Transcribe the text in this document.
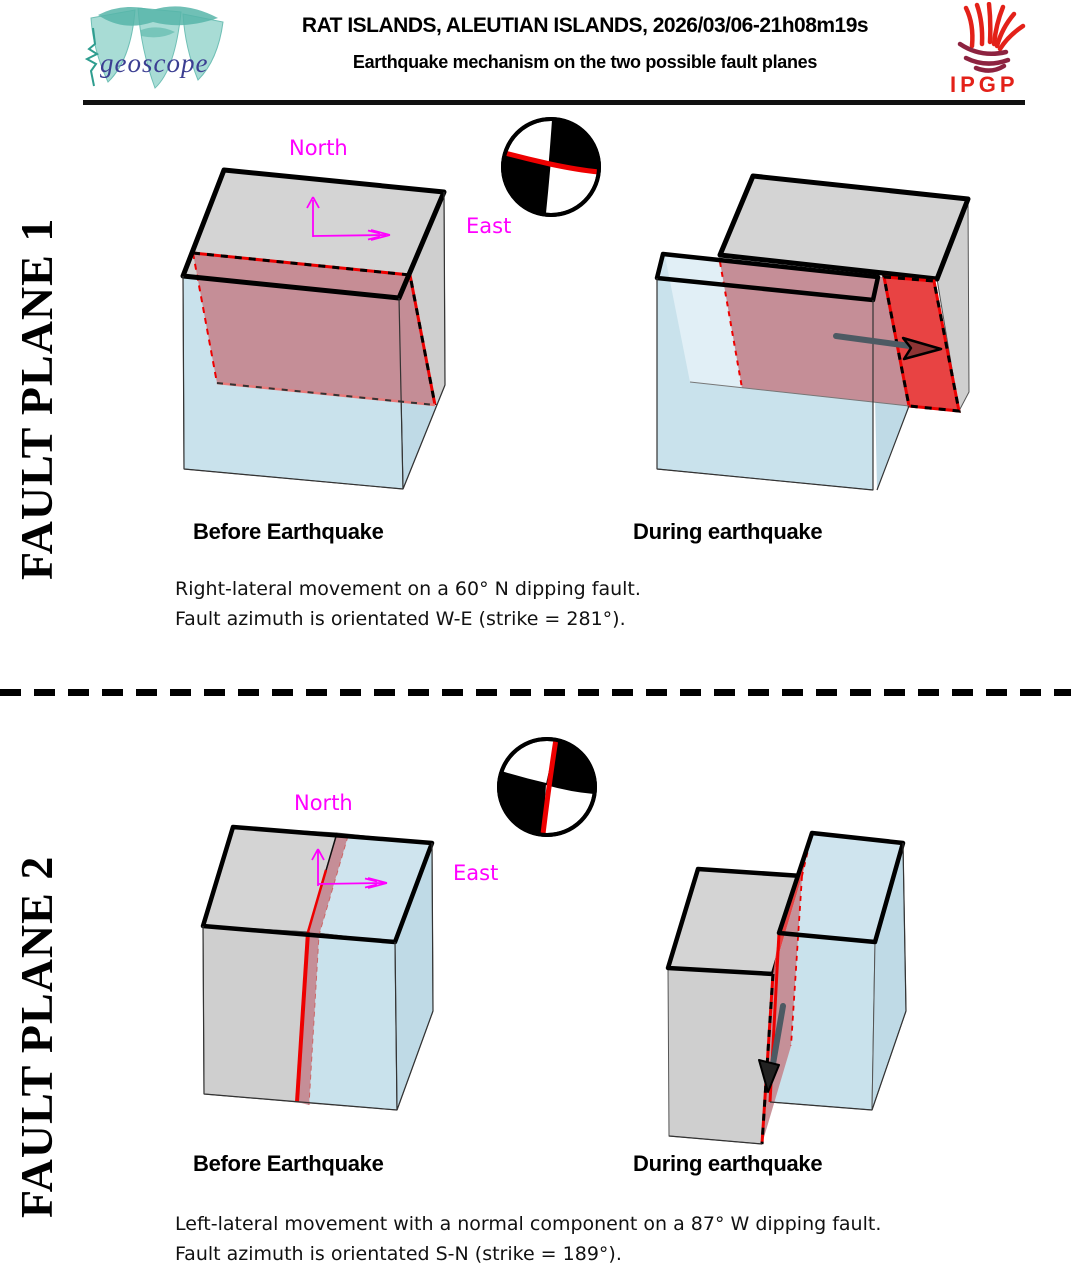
geoscope
RAT ISLANDS, ALEUTIAN ISLANDS, 2026/03/06-21h08m19s
Earthquake mechanism on the two possible fault planes
IPGP
FAULT PLANE 1
North
East
Before Earthquake	During earthquake
Right-lateral movement on a 60° N dipping fault.
Fault azimuth is orientated W-E (strike = 281°).
FAULT PLANE 2
North
East
Before Earthquake	During earthquake
Left-lateral movement with a normal component on a 87° W dipping fault.
Fault azimuth is orientated S-N (strike = 189°).
